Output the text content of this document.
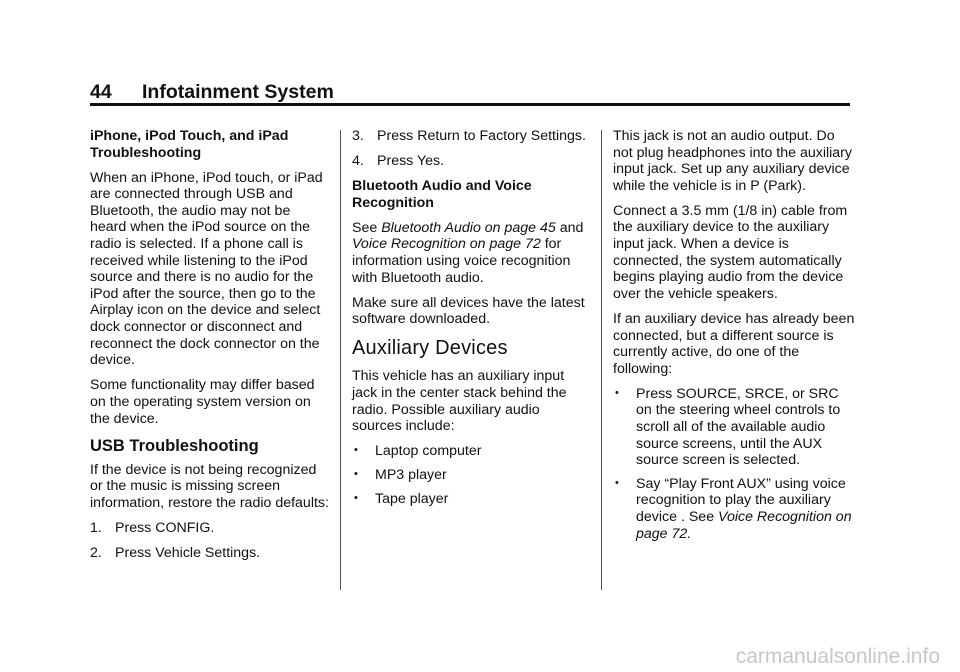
44 Infotainment System

iPhone, iPod Touch, and iPad Troubleshooting

When an iPhone, iPod touch, or iPad are connected through USB and Bluetooth, the audio may not be heard when the iPod source on the radio is selected. If a phone call is received while listening to the iPod source and there is no audio for the iPod after the source, then go to the Airplay icon on the device and select dock connector or disconnect and reconnect the dock connector on the device.

Some functionality may differ based on the operating system version on the device.

USB Troubleshooting

If the device is not being recognized or the music is missing screen information, restore the radio defaults:

1. Press CONFIG.
2. Press Vehicle Settings.
3. Press Return to Factory Settings.
4. Press Yes.

Bluetooth Audio and Voice Recognition

See Bluetooth Audio on page 45 and Voice Recognition on page 72 for information using voice recognition with Bluetooth audio.

Make sure all devices have the latest software downloaded.

Auxiliary Devices

This vehicle has an auxiliary input jack in the center stack behind the radio. Possible auxiliary audio sources include:

•	Laptop computer
•	MP3 player
•	Tape player

This jack is not an audio output. Do not plug headphones into the auxiliary input jack. Set up any auxiliary device while the vehicle is in P (Park).

Connect a 3.5 mm (1/8 in) cable from the auxiliary device to the auxiliary input jack. When a device is connected, the system automatically begins playing audio from the device over the vehicle speakers.

If an auxiliary device has already been connected, but a different source is currently active, do one of the following:

•	Press SOURCE, SRCE, or SRC on the steering wheel controls to scroll all of the available audio source screens, until the AUX source screen is selected.
•	Say “Play Front AUX” using voice recognition to play the auxiliary device . See Voice Recognition on page 72.
carmanualsonline.info
